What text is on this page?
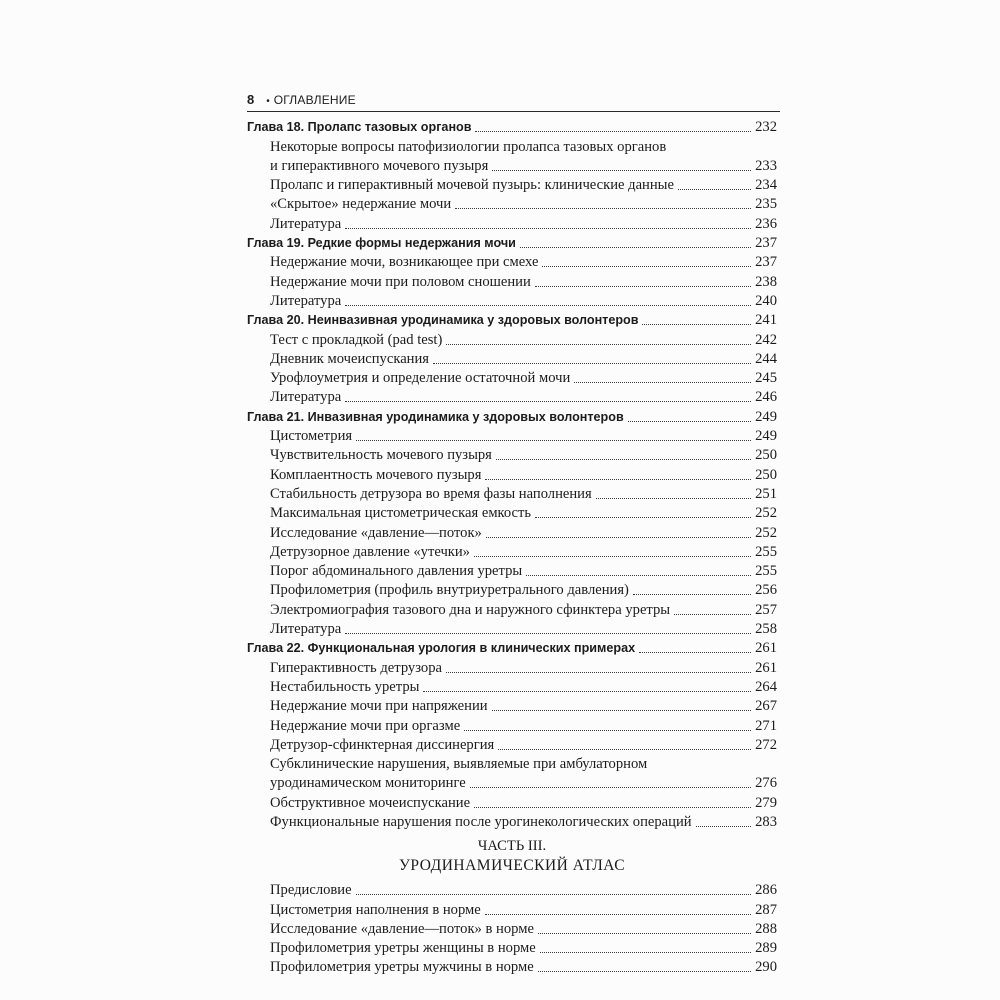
8 • ОГЛАВЛЕНИЕ
Глава 18. Пролапс тазовых органов	232
Некоторые вопросы патофизиологии пролапса тазовых органов
и гиперактивного мочевого пузыря	233
Пролапс и гиперактивный мочевой пузырь: клинические данные	234
«Скрытое» недержание мочи	235
Литература	236
Глава 19. Редкие формы недержания мочи	237
Недержание мочи, возникающее при смехе	237
Недержание мочи при половом сношении	238
Литература	240
Глава 20. Неинвазивная уродинамика у здоровых волонтеров	241
Тест с прокладкой (pad test)	242
Дневник мочеиспускания	244
Урофлоуметрия и определение остаточной мочи	245
Литература	246
Глава 21. Инвазивная уродинамика у здоровых волонтеров	249
Цистометрия	249
Чувствительность мочевого пузыря	250
Комплаентность мочевого пузыря	250
Стабильность детрузора во время фазы наполнения	251
Максимальная цистометрическая емкость	252
Исследование «давление—поток»	252
Детрузорное давление «утечки»	255
Порог абдоминального давления уретры	255
Профилометрия (профиль внутриуретрального давления)	256
Электромиография тазового дна и наружного сфинктера уретры	257
Литература	258
Глава 22. Функциональная урология в клинических примерах	261
Гиперактивность детрузора	261
Нестабильность уретры	264
Недержание мочи при напряжении	267
Недержание мочи при оргазме	271
Детрузор-сфинктерная диссинергия	272
Субклинические нарушения, выявляемые при амбулаторном
уродинамическом мониторинге	276
Обструктивное мочеиспускание	279
Функциональные нарушения после урогинекологических операций	283
ЧАСТЬ III.
УРОДИНАМИЧЕСКИЙ АТЛАС
Предисловие	286
Цистометрия наполнения в норме	287
Исследование «давление—поток» в норме	288
Профилометрия уретры женщины в норме	289
Профилометрия уретры мужчины в норме	290
